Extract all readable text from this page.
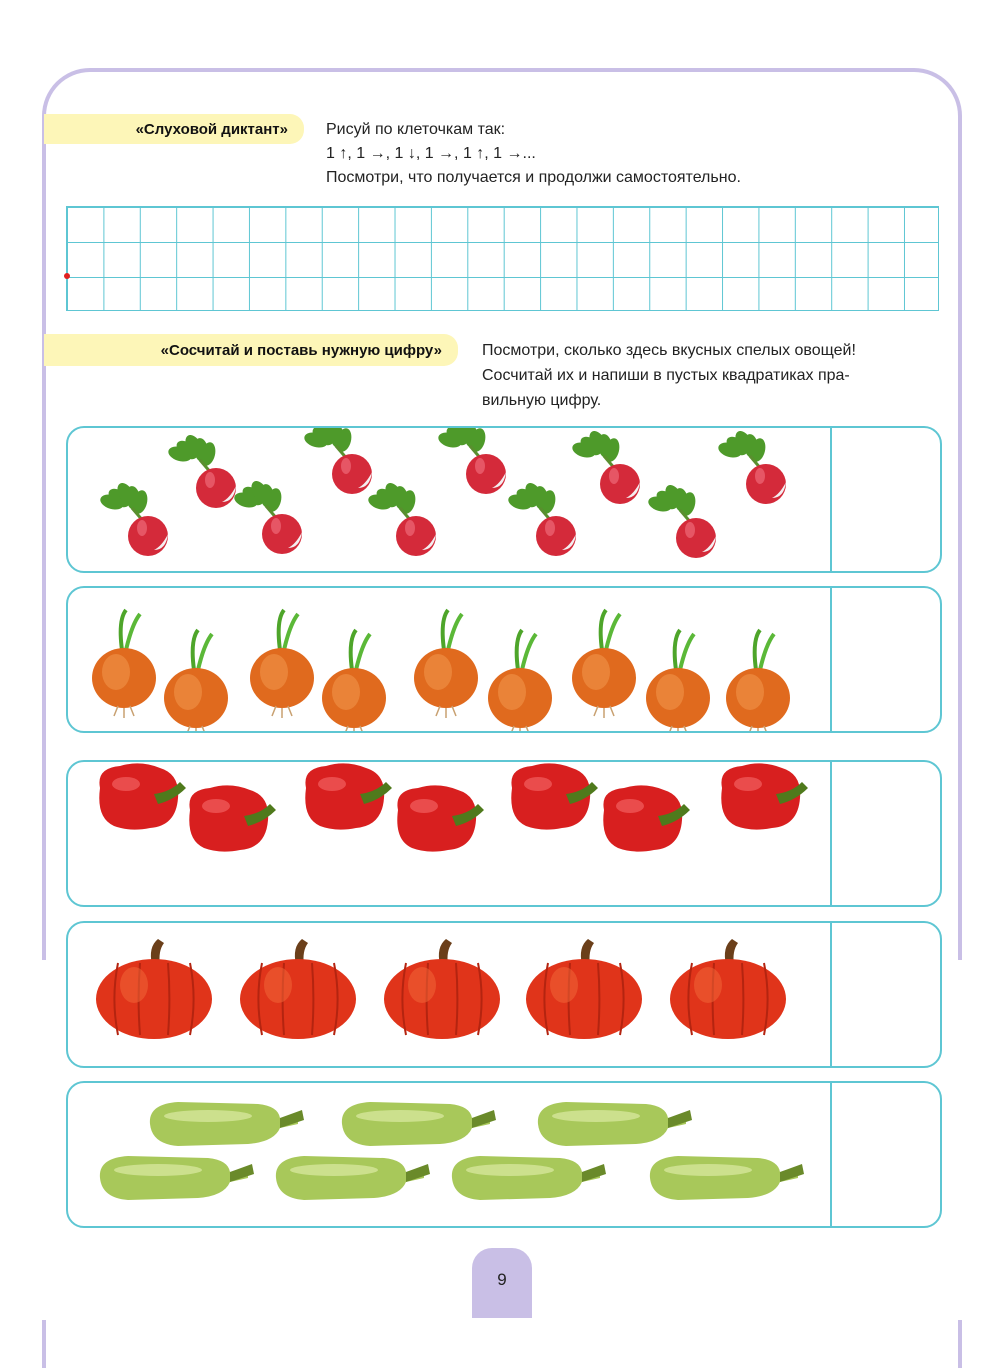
«Слуховой диктант»	Рисуй по клеточкам так:
1 ↑, 1 →, 1 ↓, 1 →, 1 ↑, 1 →...
Посмотри, что получается и продолжи самостоятельно.
«Сосчитай и поставь нужную цифру»	Посмотри, сколько здесь вкусных спелых овощей!
Сосчитай их и напиши в пустых квадратиках пра-
вильную цифру.
9
